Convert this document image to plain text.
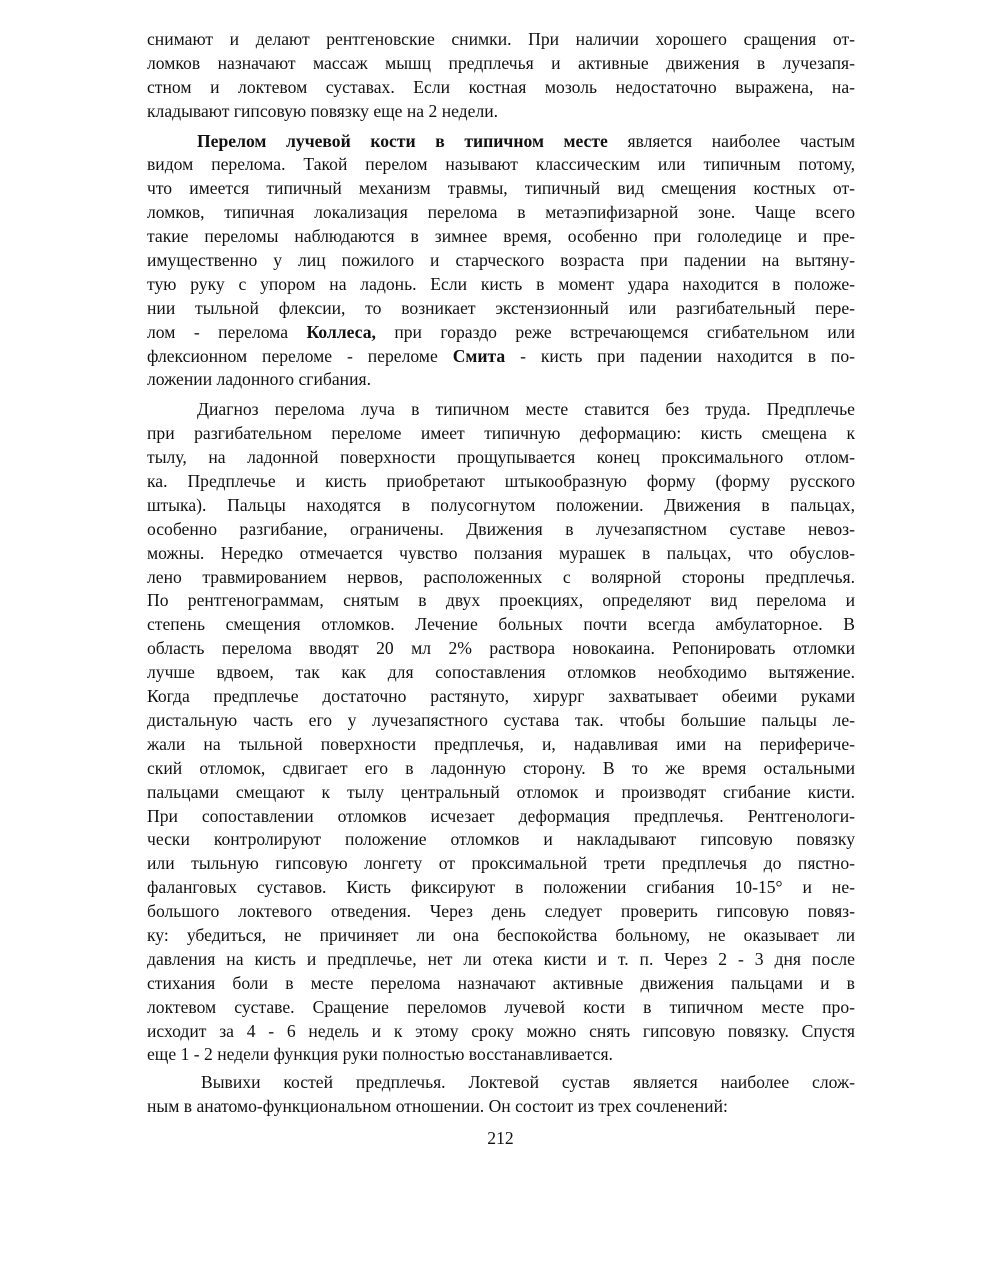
снимают и делают рентгеновские снимки. При наличии хорошего сращения от-
ломков назначают массаж мышц предплечья и активные движения в лучезапя-
стном и локтевом суставах. Если костная мозоль недостаточно выражена, на-
кладывают гипсовую повязку еще на 2 недели.
Перелом лучевой кости в типичном месте является наиболее частым
видом перелома. Такой перелом называют классическим или типичным потому,
что имеется типичный механизм травмы, типичный вид смещения костных от-
ломков, типичная локализация перелома в метаэпифизарной зоне. Чаще всего
такие переломы наблюдаются в зимнее время, особенно при гололедице и пре-
имущественно у лиц пожилого и старческого возраста при падении на вытяну-
тую руку с упором на ладонь. Если кисть в момент удара находится в положе-
нии тыльной флексии, то возникает экстензионный или разгибательный пере-
лом - перелома Коллеса, при гораздо реже встречающемся сгибательном или
флексионном переломе - переломе Смита - кисть при падении находится в по-
ложении ладонного сгибания.
Диагноз перелома луча в типичном месте ставится без труда. Предплечье
при разгибательном переломе имеет типичную деформацию: кисть смещена к
тылу, на ладонной поверхности прощупывается конец проксимального отлом-
ка. Предплечье и кисть приобретают штыкообразную форму (форму русского
штыка). Пальцы находятся в полусогнутом положении. Движения в пальцах,
особенно разгибание, ограничены. Движения в лучезапястном суставе невоз-
можны. Нередко отмечается чувство ползания мурашек в пальцах, что обуслов-
лено травмированием нервов, расположенных с волярной стороны предплечья.
По рентгенограммам, снятым в двух проекциях, определяют вид перелома и
степень смещения отломков. Лечение больных почти всегда амбулаторное. В
область перелома вводят 20 мл 2% раствора новокаина. Репонировать отломки
лучше вдвоем, так как для сопоставления отломков необходимо вытяжение.
Когда предплечье достаточно растянуто, хирург захватывает обеими руками
дистальную часть его у лучезапястного сустава так. чтобы большие пальцы ле-
жали на тыльной поверхности предплечья, и, надавливая ими на перифериче-
ский отломок, сдвигает его в ладонную сторону. В то же время остальными
пальцами смещают к тылу центральный отломок и производят сгибание кисти.
При сопоставлении отломков исчезает деформация предплечья. Рентгенологи-
чески контролируют положение отломков и накладывают гипсовую повязку
или тыльную гипсовую лонгету от проксимальной трети предплечья до пястно-
фаланговых суставов. Кисть фиксируют в положении сгибания 10-15° и не-
большого локтевого отведения. Через день следует проверить гипсовую повяз-
ку: убедиться, не причиняет ли она беспокойства больному, не оказывает ли
давления на кисть и предплечье, нет ли отека кисти и т. п. Через 2 - 3 дня после
стихания боли в месте перелома назначают активные движения пальцами и в
локтевом суставе. Сращение переломов лучевой кости в типичном месте про-
исходит за 4 - 6 недель и к этому сроку можно снять гипсовую повязку. Спустя
еще 1 - 2 недели функция руки полностью восстанавливается.
Вывихи костей предплечья. Локтевой сустав является наиболее слож-
ным в анатомо-функциональном отношении. Он состоит из трех сочленений:
212
